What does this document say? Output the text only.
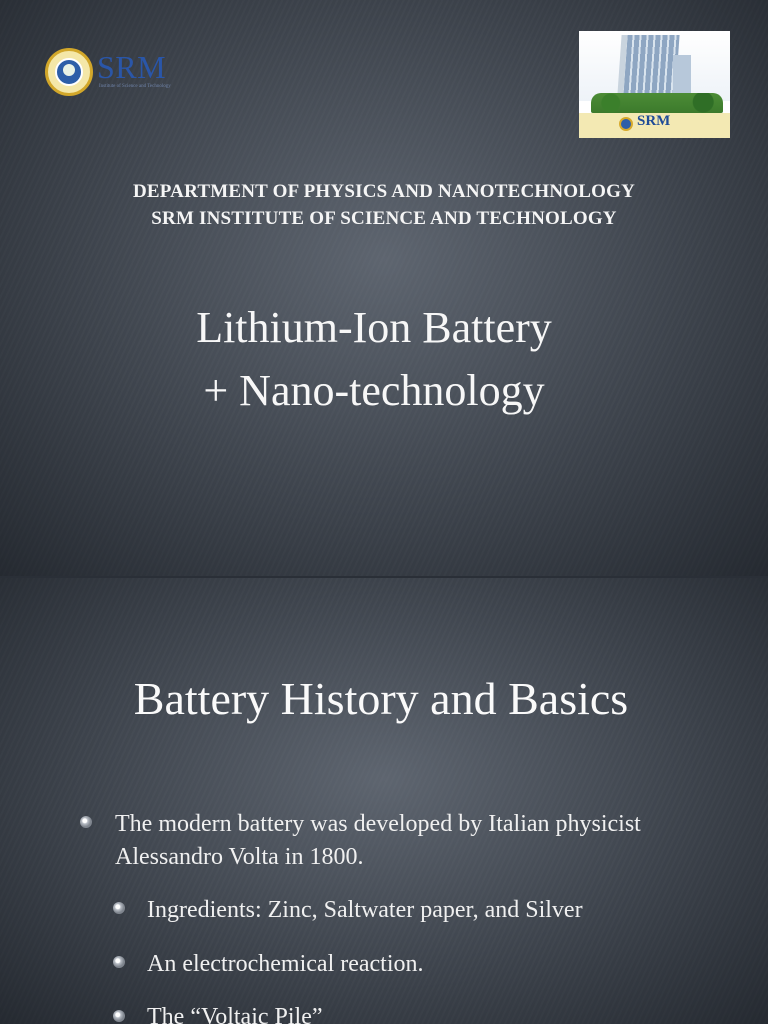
SRM
Institute of Science and Technology
SRM
DEPARTMENT OF PHYSICS AND NANOTECHNOLOGY
SRM INSTITUTE OF SCIENCE AND TECHNOLOGY
Lithium-Ion Battery
+ Nano-technology
Battery History and Basics
The modern battery was developed by Italian physicist Alessandro Volta in 1800.
Ingredients: Zinc, Saltwater paper, and Silver
An electrochemical reaction.
The “Voltaic Pile”
